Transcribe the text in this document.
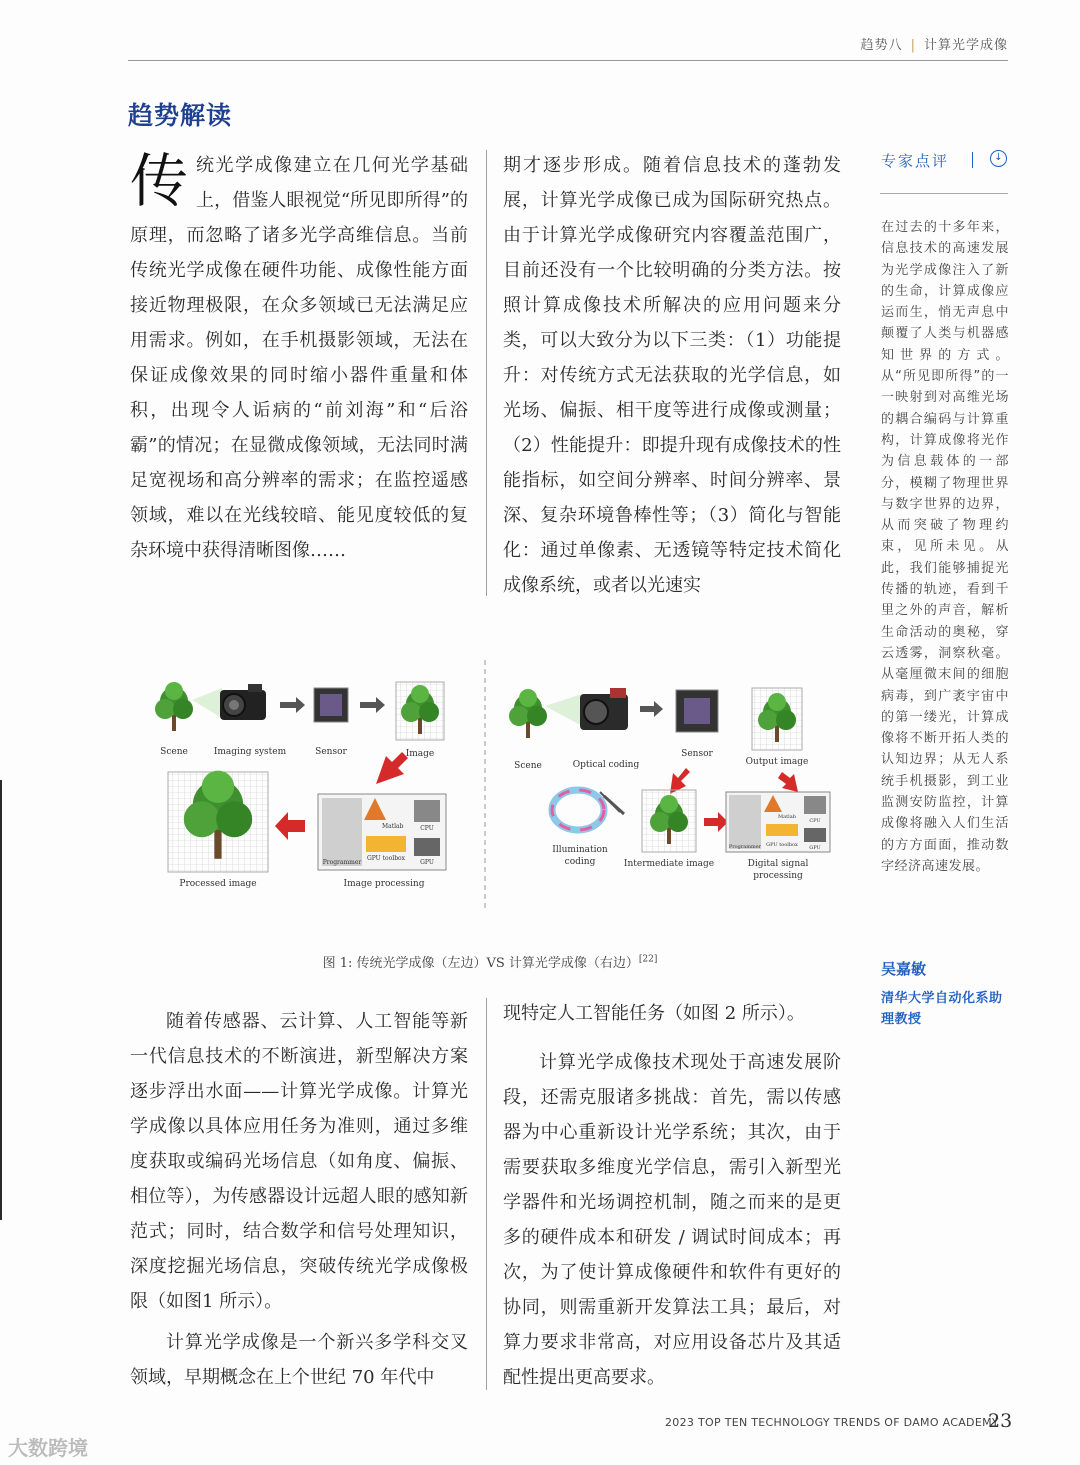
趋势八 | 计算光学成像
趋势解读
传 统光学成像建立在几何光学基础上，借鉴人眼视觉“所见即所得”的原理，而忽略了诸多光学高维信息。当前传统光学成像在硬件功能、成像性能方面接近物理极限，在众多领域已无法满足应用需求。例如，在手机摄影领域，无法在保证成像效果的同时缩小器件重量和体积，出现令人诟病的“前刘海”和“后浴霸”的情况；在显微成像领域，无法同时满足宽视场和高分辨率的需求；在监控遥感领域，难以在光线较暗、能见度较低的复杂环境中获得清晰图像……

期才逐步形成。随着信息技术的蓬勃发展，计算光学成像已成为国际研究热点。由于计算光学成像研究内容覆盖范围广，目前还没有一个比较明确的分类方法。按照计算成像技术所解决的应用问题来分类，可以大致分为以下三类：（1）功能提升：对传统方式无法获取的光学信息，如光场、偏振、相干度等进行成像或测量；（2）性能提升：即提升现有成像技术的性能指标，如空间分辨率、时间分辨率、景深、复杂环境鲁棒性等；（3）简化与智能化：通过单像素、无透镜等特定技术简化成像系统，或者以光速实

专家点评	↓
在过去的十多年来，信息技术的高速发展为光学成像注入了新的生命，计算成像应运而生，悄无声息中颠覆了人类与机器感知世界的方式。从“所见即所得”的一一映射到对高维光场的耦合编码与计算重构，计算成像将光作为信息载体的一部分，模糊了物理世界与数字世界的边界，从而突破了物理约束，见所未见。从此，我们能够捕捉光传播的轨迹，看到千里之外的声音，解析生命活动的奥秘，穿云透雾，洞察秋毫。从毫厘微末间的细胞病毒，到广袤宇宙中的第一缕光，计算成像将不断开拓人类的认知边界；从无人系统手机摄影，到工业监测安防监控，计算成像将融入人们生活的方方面面，推动数字经济高速发展。
吴嘉敏
清华大学自动化系助理教授
Scene	Imaging system	Sensor	Image
Processed image
Programmer
Matlab
GPU toolbox
CPU
GPU
Image processing
Scene	Optical coding
Sensor
Output image
Illumination
coding	Intermediate image
Programmer
Matlab
GPU toolbox
CPU
GPU
Digital signal
processing
图 1: 传统光学成像（左边）VS 计算光学成像（右边）[22]

随着传感器、云计算、人工智能等新一代信息技术的不断演进，新型解决方案逐步浮出水面——计算光学成像。计算光学成像以具体应用任务为准则，通过多维度获取或编码光场信息（如角度、偏振、相位等），为传感器设计远超人眼的感知新范式；同时，结合数学和信号处理知识，深度挖掘光场信息，突破传统光学成像极限（如图1 所示）。

计算光学成像是一个新兴多学科交叉领域，早期概念在上个世纪 70 年代中

现特定人工智能任务（如图 2 所示）。

计算光学成像技术现处于高速发展阶段，还需克服诸多挑战：首先，需以传感器为中心重新设计光学系统；其次，由于需要获取多维度光学信息，需引入新型光学器件和光场调控机制，随之而来的是更多的硬件成本和研发 / 调试时间成本；再次，为了使计算成像硬件和软件有更好的协同，则需重新开发算法工具；最后，对算力要求非常高，对应用设备芯片及其适配性提出更高要求。

2023 TOP TEN TECHNOLOGY TRENDS OF DAMO ACADEMY
23
大数跨境
